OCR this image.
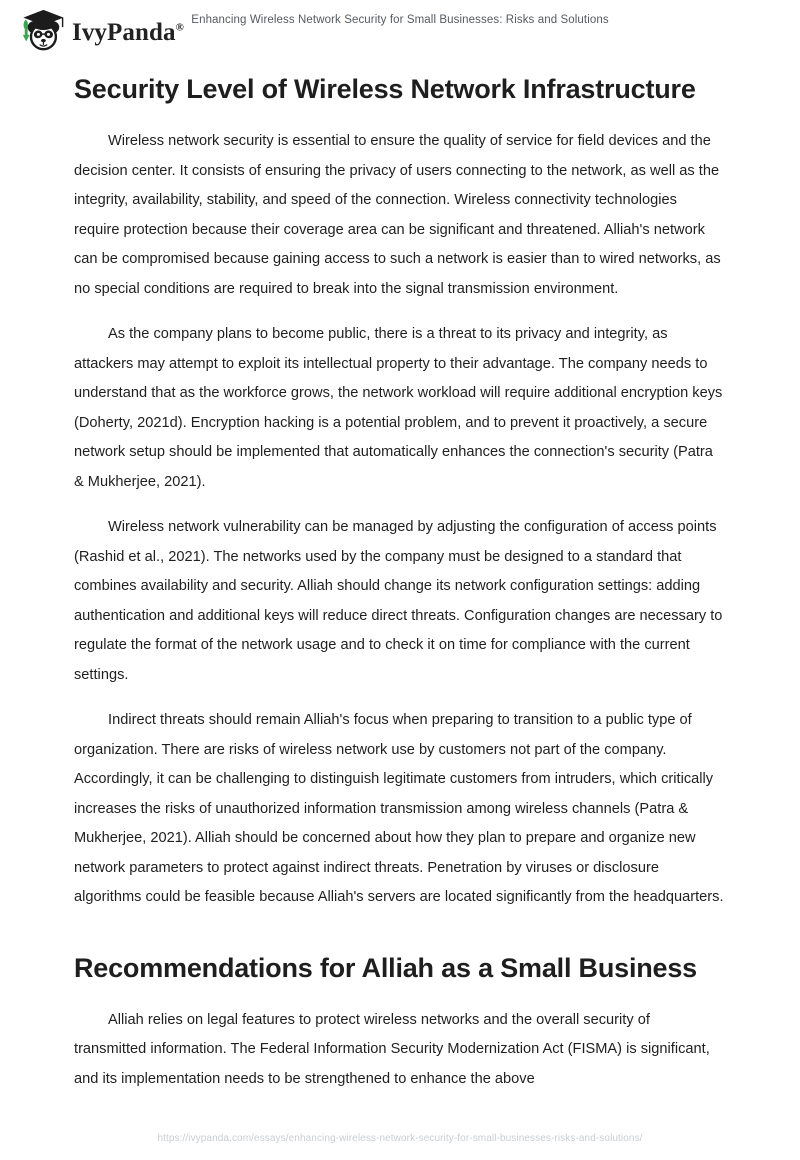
IvyPanda®
Enhancing Wireless Network Security for Small Businesses: Risks and Solutions
Security Level of Wireless Network Infrastructure

Wireless network security is essential to ensure the quality of service for field devices and the decision center. It consists of ensuring the privacy of users connecting to the network, as well as the integrity, availability, stability, and speed of the connection. Wireless connectivity technologies require protection because their coverage area can be significant and threatened. Alliah's network can be compromised because gaining access to such a network is easier than to wired networks, as no special conditions are required to break into the signal transmission environment.

As the company plans to become public, there is a threat to its privacy and integrity, as attackers may attempt to exploit its intellectual property to their advantage. The company needs to understand that as the workforce grows, the network workload will require additional encryption keys (Doherty, 2021d). Encryption hacking is a potential problem, and to prevent it proactively, a secure network setup should be implemented that automatically enhances the connection's security (Patra & Mukherjee, 2021).

Wireless network vulnerability can be managed by adjusting the configuration of access points (Rashid et al., 2021). The networks used by the company must be designed to a standard that combines availability and security. Alliah should change its network configuration settings: adding authentication and additional keys will reduce direct threats. Configuration changes are necessary to regulate the format of the network usage and to check it on time for compliance with the current settings.

Indirect threats should remain Alliah's focus when preparing to transition to a public type of organization. There are risks of wireless network use by customers not part of the company. Accordingly, it can be challenging to distinguish legitimate customers from intruders, which critically increases the risks of unauthorized information transmission among wireless channels (Patra & Mukherjee, 2021). Alliah should be concerned about how they plan to prepare and organize new network parameters to protect against indirect threats. Penetration by viruses or disclosure algorithms could be feasible because Alliah's servers are located significantly from the headquarters.

Recommendations for Alliah as a Small Business

Alliah relies on legal features to protect wireless networks and the overall security of transmitted information. The Federal Information Security Modernization Act (FISMA) is significant, and its implementation needs to be strengthened to enhance the above

https://ivypanda.com/essays/enhancing-wireless-network-security-for-small-businesses-risks-and-solutions/
